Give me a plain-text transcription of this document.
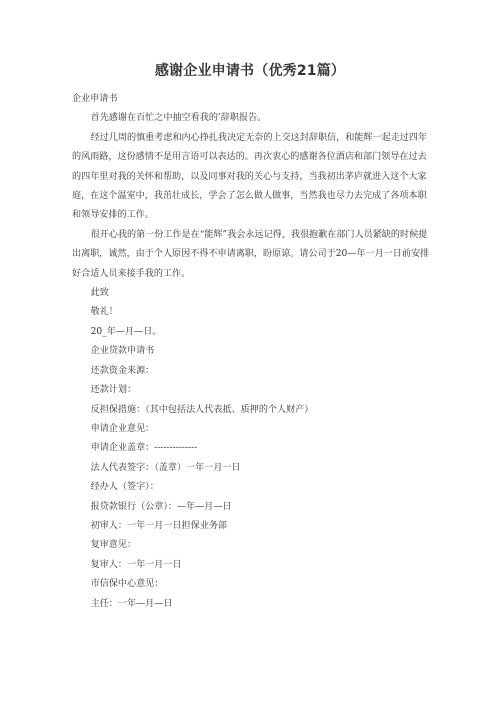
感谢企业申请书（优秀21篇）

企业申请书

首先感谢在百忙之中抽空看我的’辞职报告。

经过几周的慎重考虑和内心挣扎我决定无奈的上交这封辞职信，和能辉一起走过四年的风雨路，这份感情不是用言语可以表达的。再次衷心的感谢各位酒店和部门领导在过去的四年里对我的关怀和帮助，以及同事对我的关心与支持，当我初出茅庐就进入这个大家庭，在这个温室中，我茁壮成长，学会了怎么做人做事，当然我也尽力去完成了各项本职和领导安排的工作。

很开心我的第一份工作是在“能辉”我会永远记得，我很抱歉在部门人员紧缺的时候提出离职，诚然，由于个人原因不得不申请离职，盼原谅。请公司于20—年一月一日前安排好合适人员来接手我的工作。

此致

敬礼！

20_年—月—日。

企业贷款申请书

还款资金来源：

还款计划：

反担保措施：（其中包括法人代表抵、质押的个人财产）

申请企业意见：

申请企业盖章：--------------

法人代表签字：（盖章）一年一月一日

经办人（签字）：

报贷款银行（公章）：—年—月—日

初审人：一年一月一日担保业务部

复审意见：

复审人：一年一月一日

市信保中心意见：

主任：一年—月—日
